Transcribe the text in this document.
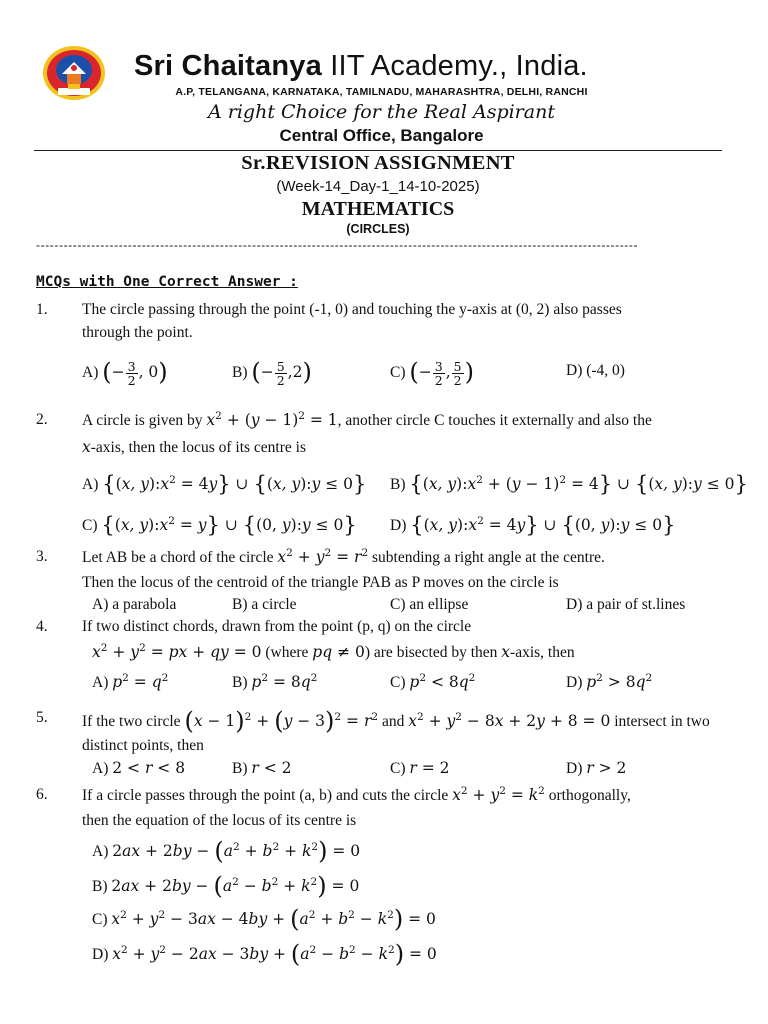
Sri Chaitanya IIT Academy., India.
A.P, TELANGANA, KARNATAKA, TAMILNADU, MAHARASHTRA, DELHI, RANCHI
A right Choice for the Real Aspirant
Central Office, Bangalore
Sr.REVISION ASSIGNMENT
(Week-14_Day-1_14-10-2025)
MATHEMATICS
(CIRCLES)
-----------------------------------------------------------------------------------------------------------------------------------
MCQs with One Correct Answer :
1. The circle passing through the point (-1, 0) and touching the y-axis at (0, 2) also passes
through the point.
A) (− $\frac{3}{2}$ , 0)	B) (− $\frac{5}{2} ,2$)	C) (− $\frac{3}{2}$ , $\frac{5}{2}$ )	D) (-4, 0)
2. A circle is given by $x^2 + (y - 1)^2 = 1$, another circle C touches it externally and also the
x-axis, then the locus of its centre is
A) {(x, $y):x^2 = 4y$} ∪ {(x, y):y ≤ 0} B) {(x, $y):x^2 + (y - 1)^2 = 4$} ∪ {(x, y):y ≤ 0}
C) {(x, $y):x^2 = y$} ∪ {(0, y):y ≤ 0} D) {(x, $y):x^2 = 4y$} ∪ {(0, y):y ≤ 0}
3. Let AB be a chord of the circle $x^2 + y^2 = r^2$ subtending a right angle at the centre.
Then the locus of the centroid of the triangle PAB as P moves on the circle is
A) a parabola	B) a circle	C) an ellipse	D) a pair of st.lines
4. If two distinct chords, drawn from the point (p, q) on the circle
$x^2 + y^2$ = px + qy = 0 (where pq ≠ 0) are bisected by then x-axis, then
A) $p^2 = q^2$	B) $p^2 = 8q^2$	C) $p^2 < 8q^2$	D) $p^2 > 8q^2$
5. If the two circle $(x - 1)^2 + (y - 3)^2 = r^2$ and $x^2 + y^2 - 8x + 2y + 8 = 0$ intersect in two
distinct points, then
A) 2 < r < 8	B) r < 2	C) r = 2	D) r > 2
6. If a circle passes through the point (a, b) and cuts the circle $x^2 + y^2 = k^2$ orthogonally,
then the equation of the locus of its centre is
A) $2ax + 2by - (a^2 + b^2 + k^2) = 0$
B) $2ax + 2by - (a^2 - b^2 + k^2) = 0$
C) $x^2 + y^2 - 3ax - 4by + (a^2 + b^2 - k^2) = 0$
D) $x^2 + y^2 - 2ax - 3by + (a^2 - b^2 - k^2) = 0$
